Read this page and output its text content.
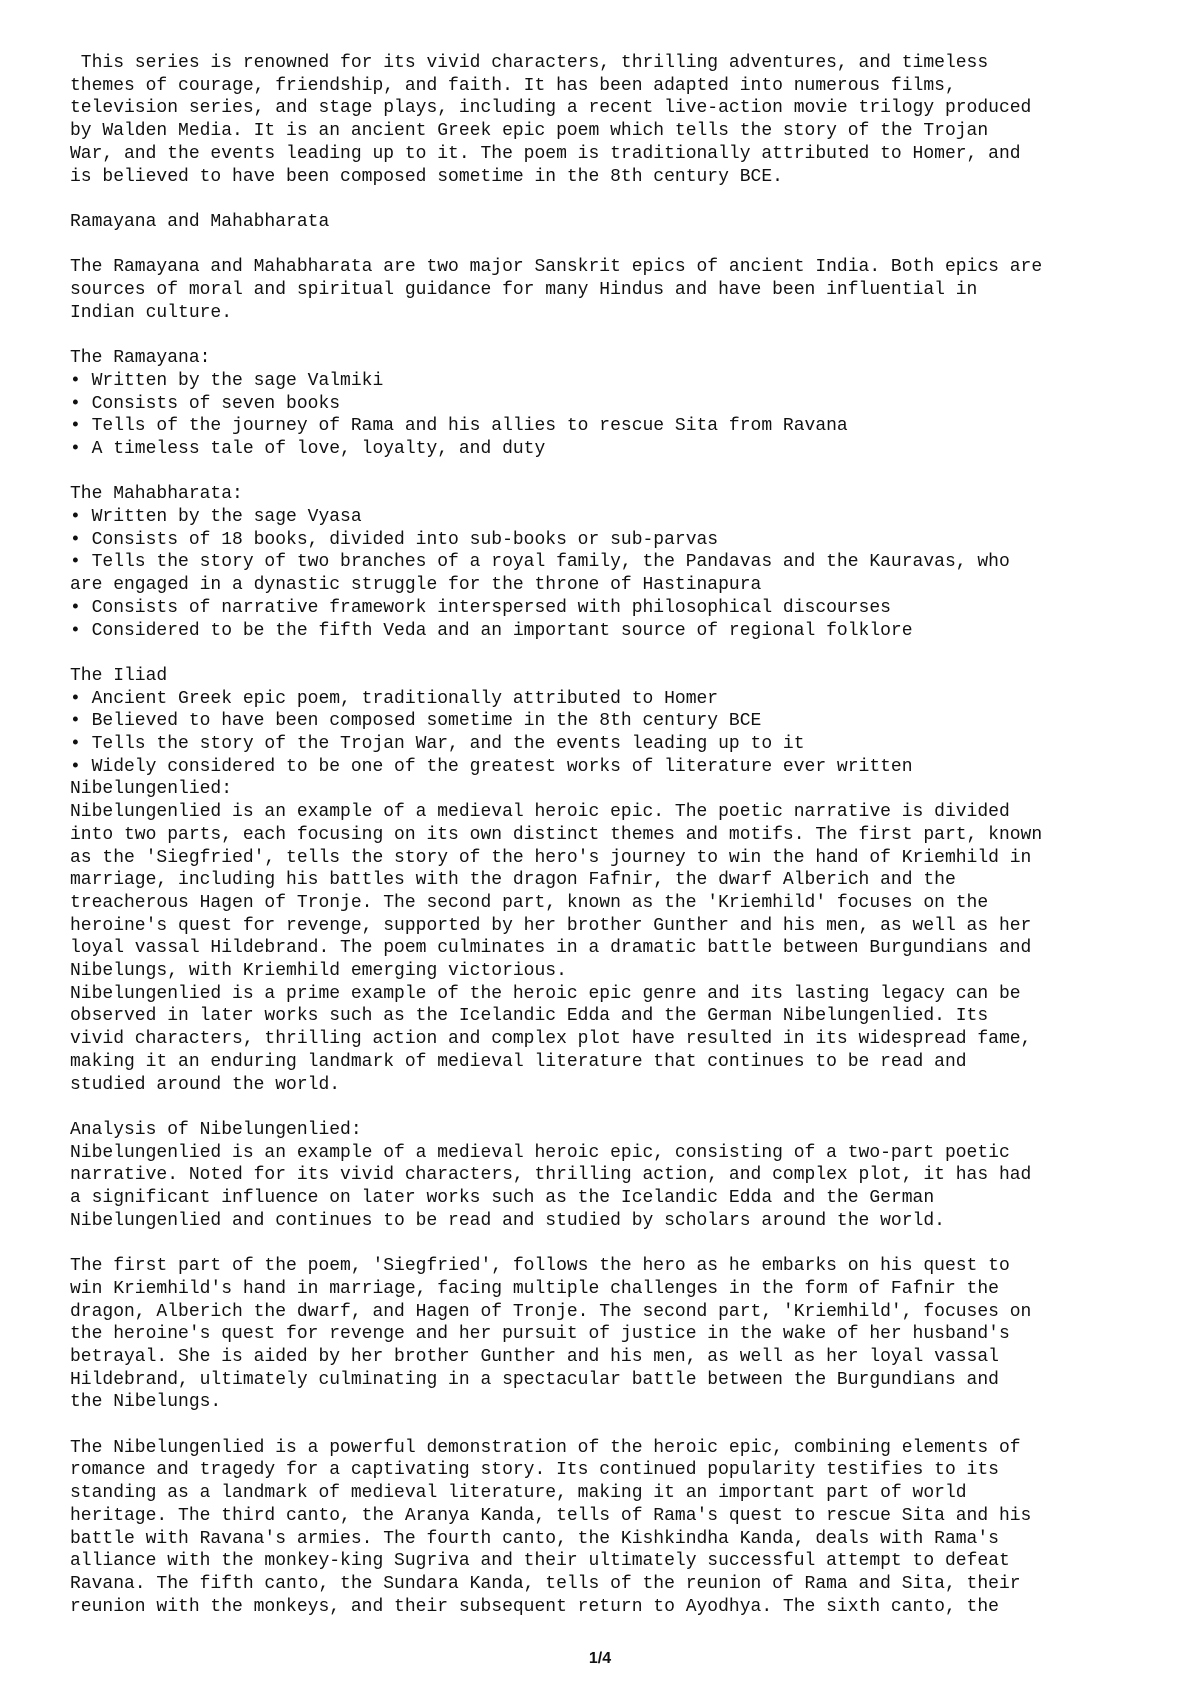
This series is renowned for its vivid characters, thrilling adventures, and timeless
themes of courage, friendship, and faith. It has been adapted into numerous films,
television series, and stage plays, including a recent live-action movie trilogy produced
by Walden Media. It is an ancient Greek epic poem which tells the story of the Trojan
War, and the events leading up to it. The poem is traditionally attributed to Homer, and
is believed to have been composed sometime in the 8th century BCE.

Ramayana and Mahabharata

The Ramayana and Mahabharata are two major Sanskrit epics of ancient India. Both epics are
sources of moral and spiritual guidance for many Hindus and have been influential in
Indian culture.

The Ramayana:
• Written by the sage Valmiki
• Consists of seven books
• Tells of the journey of Rama and his allies to rescue Sita from Ravana
• A timeless tale of love, loyalty, and duty

The Mahabharata:
• Written by the sage Vyasa
• Consists of 18 books, divided into sub-books or sub-parvas
• Tells the story of two branches of a royal family, the Pandavas and the Kauravas, who
are engaged in a dynastic struggle for the throne of Hastinapura
• Consists of narrative framework interspersed with philosophical discourses
• Considered to be the fifth Veda and an important source of regional folklore

The Iliad
• Ancient Greek epic poem, traditionally attributed to Homer
• Believed to have been composed sometime in the 8th century BCE
• Tells the story of the Trojan War, and the events leading up to it
• Widely considered to be one of the greatest works of literature ever written
Nibelungenlied:
Nibelungenlied is an example of a medieval heroic epic. The poetic narrative is divided
into two parts, each focusing on its own distinct themes and motifs. The first part, known
as the 'Siegfried', tells the story of the hero's journey to win the hand of Kriemhild in
marriage, including his battles with the dragon Fafnir, the dwarf Alberich and the
treacherous Hagen of Tronje. The second part, known as the 'Kriemhild' focuses on the
heroine's quest for revenge, supported by her brother Gunther and his men, as well as her
loyal vassal Hildebrand. The poem culminates in a dramatic battle between Burgundians and
Nibelungs, with Kriemhild emerging victorious.
Nibelungenlied is a prime example of the heroic epic genre and its lasting legacy can be
observed in later works such as the Icelandic Edda and the German Nibelungenlied. Its
vivid characters, thrilling action and complex plot have resulted in its widespread fame,
making it an enduring landmark of medieval literature that continues to be read and
studied around the world.

Analysis of Nibelungenlied:
Nibelungenlied is an example of a medieval heroic epic, consisting of a two-part poetic
narrative. Noted for its vivid characters, thrilling action, and complex plot, it has had
a significant influence on later works such as the Icelandic Edda and the German
Nibelungenlied and continues to be read and studied by scholars around the world.

The first part of the poem, 'Siegfried', follows the hero as he embarks on his quest to
win Kriemhild's hand in marriage, facing multiple challenges in the form of Fafnir the
dragon, Alberich the dwarf, and Hagen of Tronje. The second part, 'Kriemhild', focuses on
the heroine's quest for revenge and her pursuit of justice in the wake of her husband's
betrayal. She is aided by her brother Gunther and his men, as well as her loyal vassal
Hildebrand, ultimately culminating in a spectacular battle between the Burgundians and
the Nibelungs.

The Nibelungenlied is a powerful demonstration of the heroic epic, combining elements of
romance and tragedy for a captivating story. Its continued popularity testifies to its
standing as a landmark of medieval literature, making it an important part of world
heritage. The third canto, the Aranya Kanda, tells of Rama's quest to rescue Sita and his
battle with Ravana's armies. The fourth canto, the Kishkindha Kanda, deals with Rama's
alliance with the monkey-king Sugriva and their ultimately successful attempt to defeat
Ravana. The fifth canto, the Sundara Kanda, tells of the reunion of Rama and Sita, their
reunion with the monkeys, and their subsequent return to Ayodhya. The sixth canto, the

1/4
